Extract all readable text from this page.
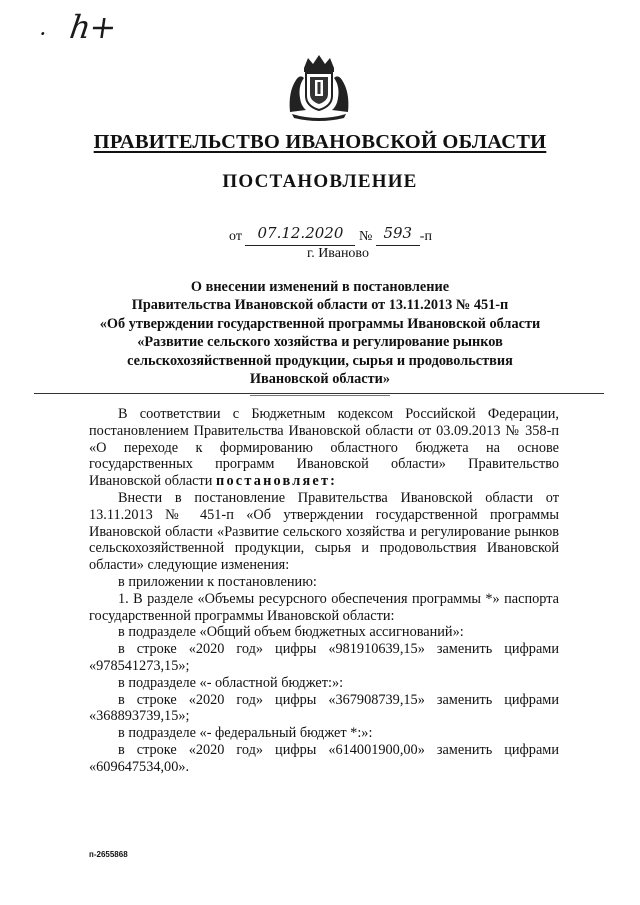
· h+
ПРАВИТЕЛЬСТВО ИВАНОВСКОЙ ОБЛАСТИ
ПОСТАНОВЛЕНИЕ
от 07.12.2020 № 593 -п
г. Иваново
О внесении изменений в постановление
Правительства Ивановской области от 13.11.2013 № 451-п
«Об утверждении государственной программы Ивановской области
«Развитие сельского хозяйства и регулирование рынков
сельскохозяйственной продукции, сырья и продовольствия
Ивановской области»

В соответствии с Бюджетным кодексом Российской Федерации, постановлением Правительства Ивановской области от 03.09.2013 № 358-п «О переходе к формированию областного бюджета на основе государственных программ Ивановской области» Правительство Ивановской области постановляет:

Внести в постановление Правительства Ивановской области от 13.11.2013 № 451-п «Об утверждении государственной программы Ивановской области «Развитие сельского хозяйства и регулирование рынков сельскохозяйственной продукции, сырья и продовольствия Ивановской области» следующие изменения:

в приложении к постановлению:

1. В разделе «Объемы ресурсного обеспечения программы *» паспорта государственной программы Ивановской области:

в подразделе «Общий объем бюджетных ассигнований»:

в строке «2020 год» цифры «981910639,15» заменить цифрами «978541273,15»;

в подразделе «- областной бюджет:»:

в строке «2020 год» цифры «367908739,15» заменить цифрами «368893739,15»;

в подразделе «- федеральный бюджет *:»:

в строке «2020 год» цифры «614001900,00» заменить цифрами «609647534,00».

п-2655868
